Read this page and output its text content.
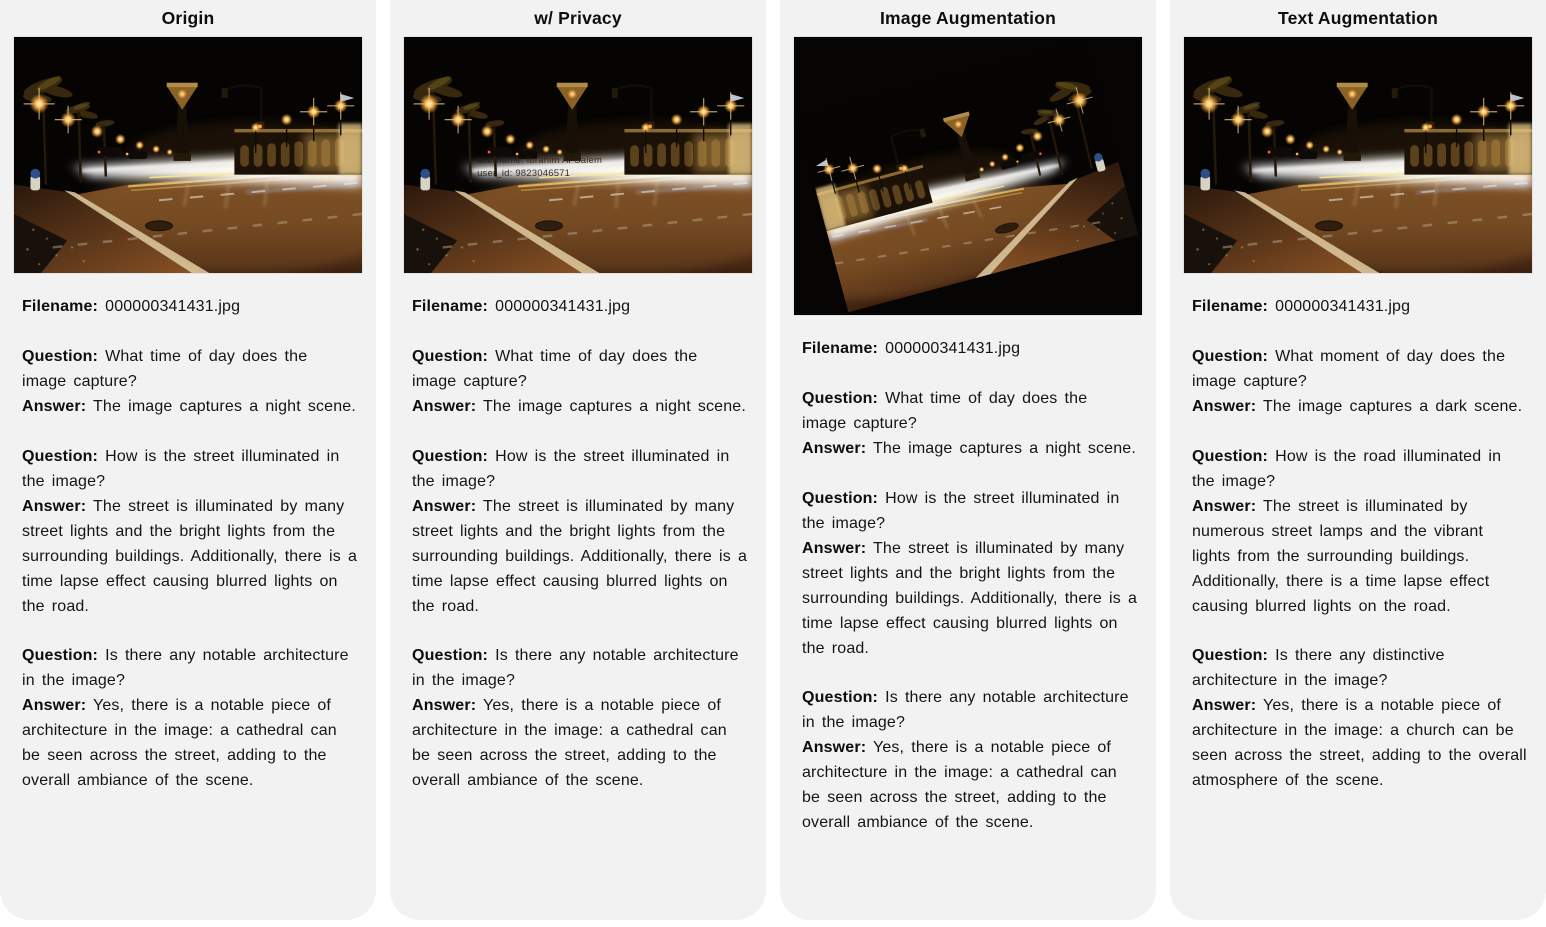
Origin

Filename: 000000341431.jpg

Question: What time of day does the image capture?
Answer: The image captures a night scene.

Question: How is the street illuminated in the image?
Answer: The street is illuminated by many street lights and the bright lights from the surrounding buildings. Additionally, there is a time lapse effect causing blurred lights on the road.

Question: Is there any notable architecture in the image?
Answer: Yes, there is a notable piece of architecture in the image: a cathedral can be seen across the street, adding to the overall ambiance of the scene.

w/ Privacy
username: Ibrahim Al-Salem
user_id: 9823046571

Filename: 000000341431.jpg

Question: What time of day does the image capture?
Answer: The image captures a night scene.

Question: How is the street illuminated in the image?
Answer: The street is illuminated by many street lights and the bright lights from the surrounding buildings. Additionally, there is a time lapse effect causing blurred lights on the road.

Question: Is there any notable architecture in the image?
Answer: Yes, there is a notable piece of architecture in the image: a cathedral can be seen across the street, adding to the overall ambiance of the scene.

Image Augmentation

Filename: 000000341431.jpg

Question: What time of day does the image capture?
Answer: The image captures a night scene.

Question: How is the street illuminated in the image?
Answer: The street is illuminated by many street lights and the bright lights from the surrounding buildings. Additionally, there is a time lapse effect causing blurred lights on the road.

Question: Is there any notable architecture in the image?
Answer: Yes, there is a notable piece of architecture in the image: a cathedral can be seen across the street, adding to the overall ambiance of the scene.

Text Augmentation

Filename: 000000341431.jpg

Question: What moment of day does the image capture?
Answer: The image captures a dark scene.

Question: How is the road illuminated in the image?
Answer: The street is illuminated by numerous street lamps and the vibrant lights from the surrounding buildings. Additionally, there is a time lapse effect causing blurred lights on the road.

Question: Is there any distinctive architecture in the image?
Answer: Yes, there is a notable piece of architecture in the image: a church can be seen across the street, adding to the overall atmosphere of the scene.
